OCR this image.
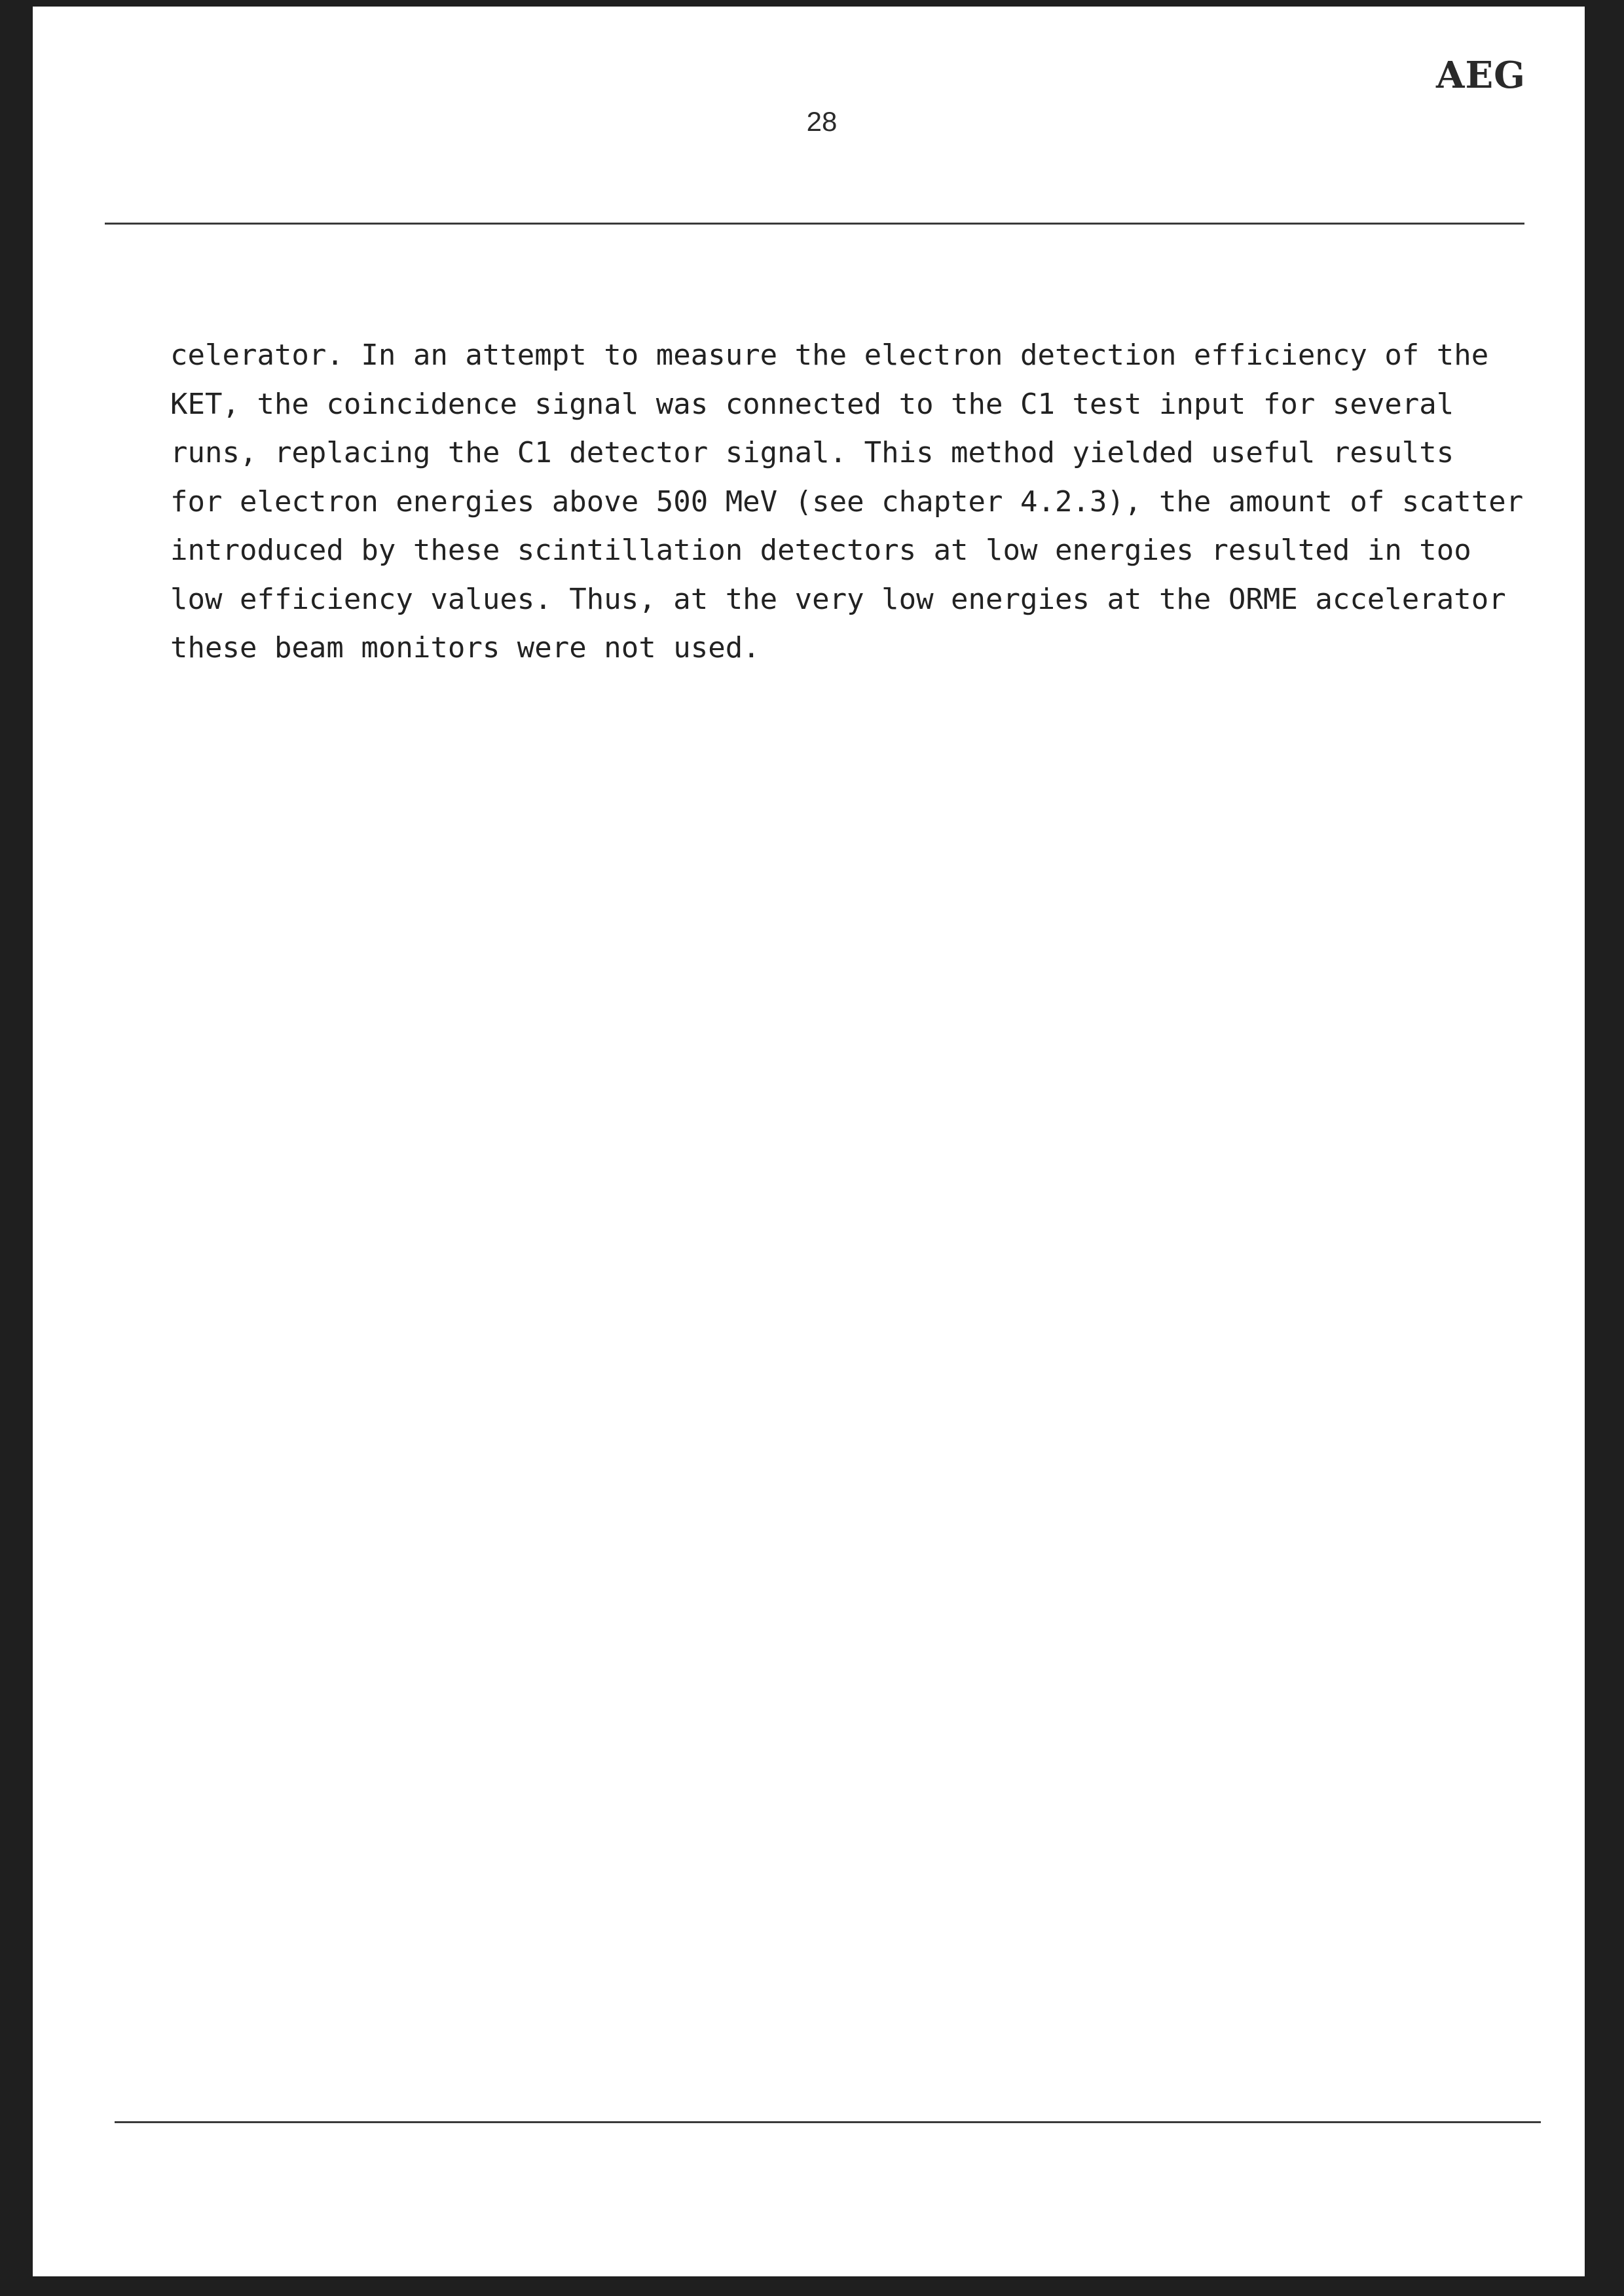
AEG
28
celerator. In an attempt to measure the electron detection efficiency of the
KET, the coincidence signal was connected to the C1 test input for several
runs, replacing the C1 detector signal. This method yielded useful results
for electron energies above 500 MeV (see chapter 4.2.3), the amount of scatter
introduced by these scintillation detectors at low energies resulted in too
low efficiency values. Thus, at the very low energies at the ORME accelerator
these beam monitors were not used.
